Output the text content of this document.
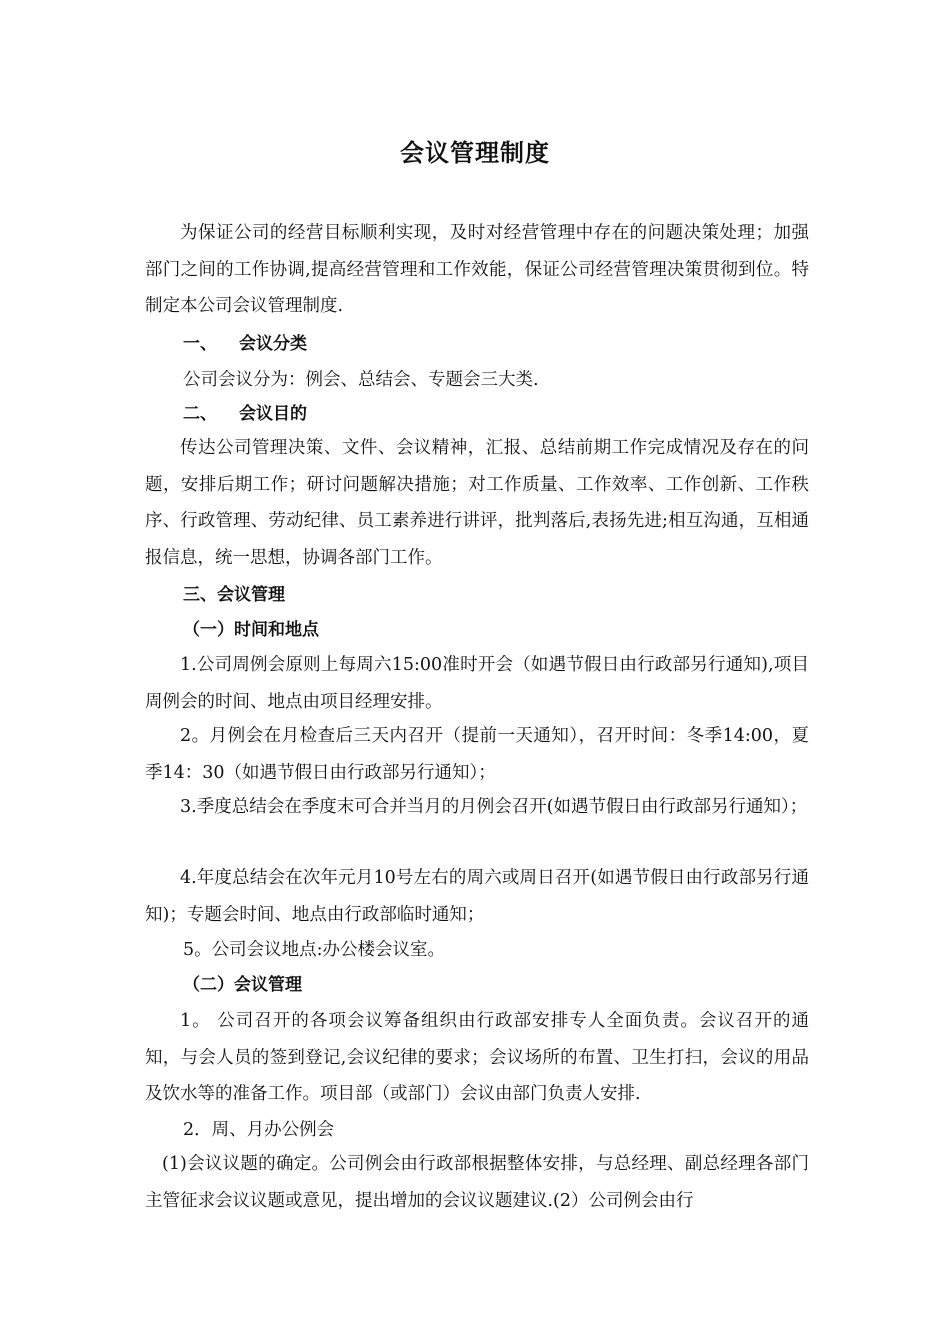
会议管理制度

为保证公司的经营目标顺利实现，及时对经营管理中存在的问题决策处理；加强部门之间的工作协调,提高经营管理和工作效能，保证公司经营管理决策贯彻到位。特制定本公司会议管理制度.

一、 会议分类
公司会议分为：例会、总结会、专题会三大类.
二、 会议目的

传达公司管理决策、文件、会议精神，汇报、总结前期工作完成情况及存在的问题，安排后期工作；研讨问题解决措施；对工作质量、工作效率、工作创新、工作秩序、行政管理、劳动纪律、员工素养进行讲评，批判落后,表扬先进;相互沟通，互相通报信息，统一思想，协调各部门工作。

三、会议管理
（一）时间和地点

1.公司周例会原则上每周六15:00准时开会（如遇节假日由行政部另行通知),项目周例会的时间、地点由项目经理安排。

2。月例会在月检查后三天内召开（提前一天通知），召开时间：冬季14:00，夏季14：30（如遇节假日由行政部另行通知）；

3.季度总结会在季度末可合并当月的月例会召开(如遇节假日由行政部另行通知）；

4.年度总结会在次年元月10号左右的周六或周日召开(如遇节假日由行政部另行通知)；专题会时间、地点由行政部临时通知；

5。公司会议地点:办公楼会议室。
（二）会议管理

1。 公司召开的各项会议筹备组织由行政部安排专人全面负责。会议召开的通知，与会人员的签到登记,会议纪律的要求；会议场所的布置、卫生打扫，会议的用品及饮水等的准备工作。项目部（或部门）会议由部门负责人安排.

2．周、月办公例会

(1)会议议题的确定。公司例会由行政部根据整体安排，与总经理、副总经理各部门主管征求会议议题或意见，提出增加的会议议题建议.(2）公司例会由行
